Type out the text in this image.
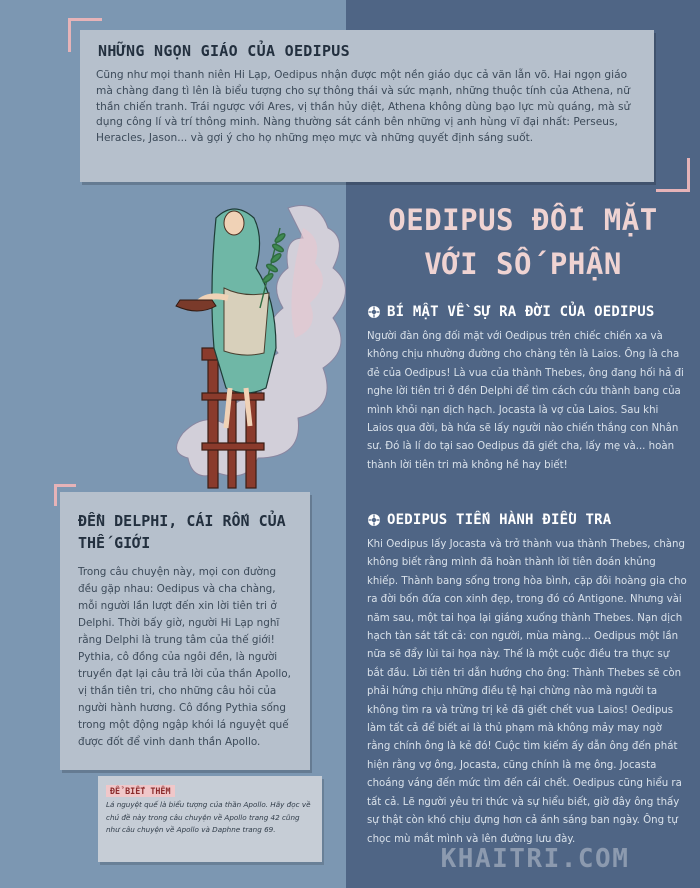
NHỮNG NGỌN GIÁO CỦA OEDIPUS

Cũng như mọi thanh niên Hi Lạp, Oedipus nhận được một nền giáo dục cả văn lẫn võ. Hai ngọn giáo mà chàng đang tì lên là biểu tượng cho sự thông thái và sức mạnh, những thuộc tính của Athena, nữ thần chiến tranh. Trái ngược với Ares, vị thần hủy diệt, Athena không dùng bạo lực mù quáng, mà sử dụng công lí và trí thông minh. Nàng thường sát cánh bên những vị anh hùng vĩ đại nhất: Perseus, Heracles, Jason... và gợi ý cho họ những mẹo mực và những quyết định sáng suốt.

OEDIPUS ĐỐI MẶT
VỚI SỐ PHẬN
BÍ MẬT VỀ SỰ RA ĐỜI CỦA OEDIPUS
Người đàn ông đối mặt với Oedipus trên chiếc chiến xa và không chịu nhường đường cho chàng tên là Laios. Ông là cha đẻ của Oedipus! Là vua của thành Thebes, ông đang hối hả đi nghe lời tiên tri ở đền Delphi để tìm cách cứu thành bang của mình khỏi nạn dịch hạch. Jocasta là vợ của Laios. Sau khi Laios qua đời, bà hứa sẽ lấy người nào chiến thắng con Nhân sư. Đó là lí do tại sao Oedipus đã giết cha, lấy mẹ và... hoàn thành lời tiên tri mà không hề hay biết!
OEDIPUS TIẾN HÀNH ĐIỀU TRA
Khi Oedipus lấy Jocasta và trở thành vua thành Thebes, chàng không biết rằng mình đã hoàn thành lời tiên đoán khủng khiếp. Thành bang sống trong hòa bình, cặp đôi hoàng gia cho ra đời bốn đứa con xinh đẹp, trong đó có Antigone. Nhưng vài năm sau, một tai họa lại giáng xuống thành Thebes. Nạn dịch hạch tàn sát tất cả: con người, mùa màng... Oedipus một lần nữa sẽ đẩy lùi tai họa này. Thế là một cuộc điều tra thực sự bắt đầu. Lời tiên tri dẫn hướng cho ông: Thành Thebes sẽ còn phải hứng chịu những điều tệ hại chừng nào mà người ta không tìm ra và trừng trị kẻ đã giết chết vua Laios! Oedipus làm tất cả để biết ai là thủ phạm mà không mảy may ngờ rằng chính ông là kẻ đó! Cuộc tìm kiếm ấy dẫn ông đến phát hiện rằng vợ ông, Jocasta, cũng chính là mẹ ông. Jocasta choáng váng đến mức tìm đến cái chết. Oedipus cũng hiểu ra tất cả. Lẽ người yêu tri thức và sự hiểu biết, giờ đây ông thấy sự thật còn khó chịu đựng hơn cả ánh sáng ban ngày. Ông tự chọc mù mắt mình và lên đường lưu đày.
ĐỀN DELPHI, CÁI RỐN CỦA THẾ GIỚI

Trong câu chuyện này, mọi con đường đều gặp nhau: Oedipus và cha chàng, mỗi người lần lượt đến xin lời tiên tri ở Delphi. Thời bấy giờ, người Hi Lạp nghĩ rằng Delphi là trung tâm của thế giới! Pythia, cô đồng của ngôi đền, là người truyền đạt lại câu trả lời của thần Apollo, vị thần tiên tri, cho những câu hỏi của người hành hương. Cô đồng Pythia sống trong một động ngập khói lá nguyệt quế được đốt để vinh danh thần Apollo.

ĐỂ BIẾT THÊM

Lá nguyệt quế là biểu tượng của thần Apollo. Hãy đọc về chủ đề này trong câu chuyện về Apollo trang 42 cũng như câu chuyện về Apollo và Daphne trang 69.

KHAITRI.COM
